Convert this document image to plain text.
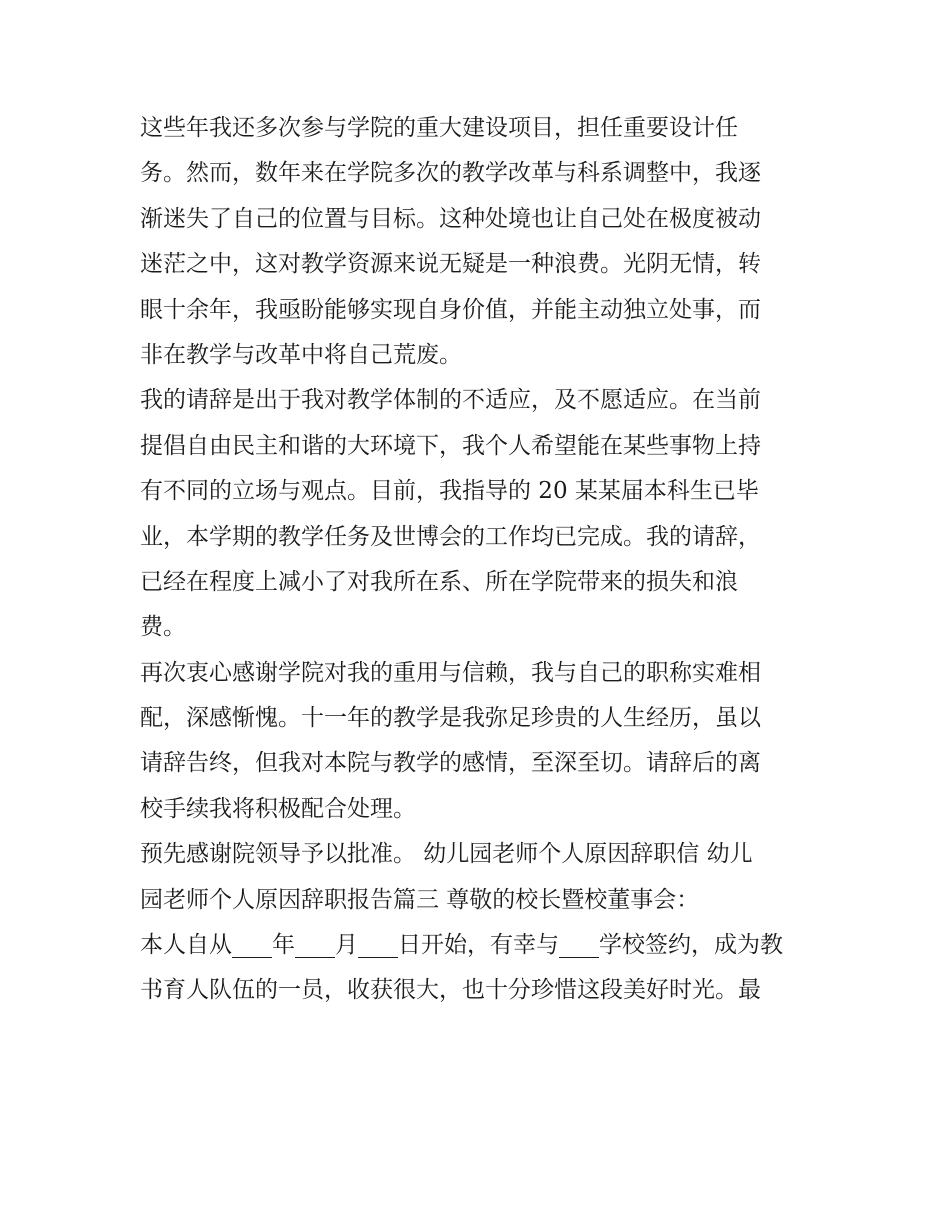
这些年我还多次参与学院的重大建设项目，担任重要设计任
务。然而，数年来在学院多次的教学改革与科系调整中，我逐
渐迷失了自己的位置与目标。这种处境也让自己处在极度被动
迷茫之中，这对教学资源来说无疑是一种浪费。光阴无情，转
眼十余年，我亟盼能够实现自身价值，并能主动独立处事，而
非在教学与改革中将自己荒废。
我的请辞是出于我对教学体制的不适应，及不愿适应。在当前
提倡自由民主和谐的大环境下，我个人希望能在某些事物上持
有不同的立场与观点。目前，我指导的 20 某某届本科生已毕
业，本学期的教学任务及世博会的工作均已完成。我的请辞，
已经在程度上减小了对我所在系、所在学院带来的损失和浪
费。
再次衷心感谢学院对我的重用与信赖，我与自己的职称实难相
配，深感惭愧。十一年的教学是我弥足珍贵的人生经历，虽以
请辞告终，但我对本院与教学的感情，至深至切。请辞后的离
校手续我将积极配合处理。
预先感谢院领导予以批准。 幼儿园老师个人原因辞职信 幼儿
园老师个人原因辞职报告篇三 尊敬的校长暨校董事会：
本人自从 年 月 日开始，有幸与 学校签约，成为教
书育人队伍的一员，收获很大，也十分珍惜这段美好时光。最
